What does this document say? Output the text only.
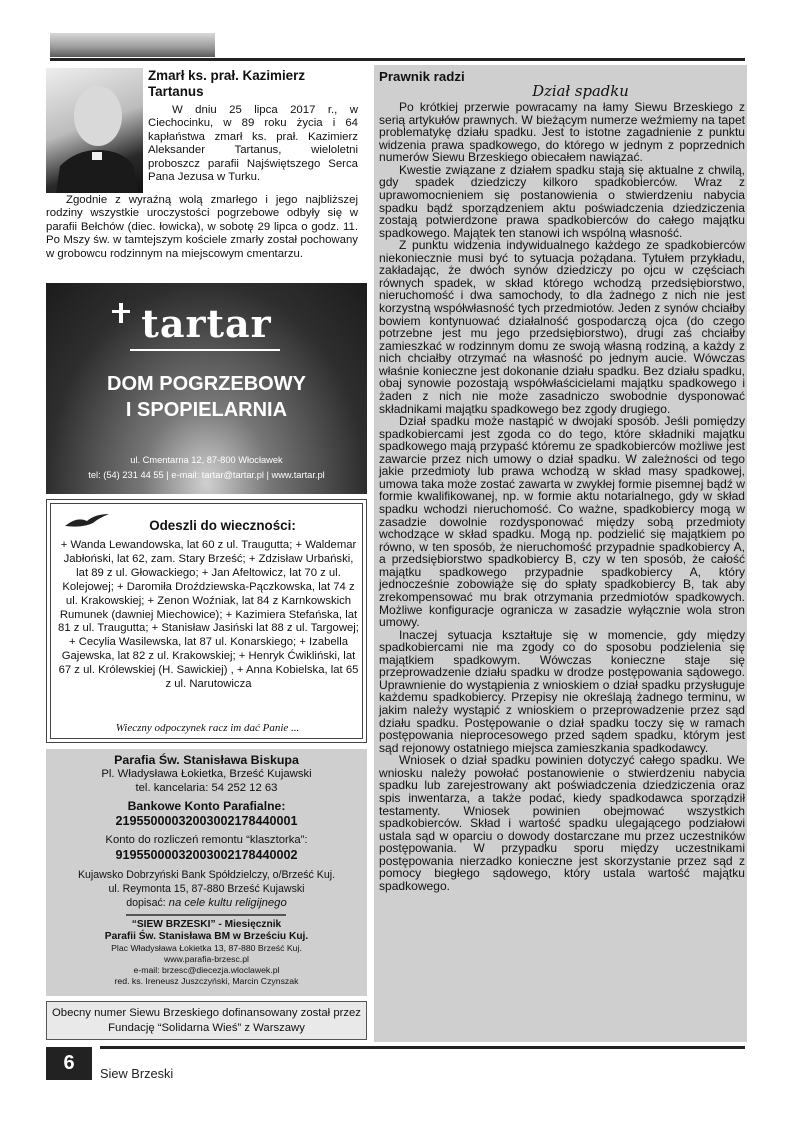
Zmarł ks. prał. Kazimierz Tartanus

W dniu 25 lipca 2017 r., w Ciechocinku, w 89 roku życia i 64 kapłaństwa zmarł ks. prał. Kazimierz Aleksander Tartanus, wieloletni proboszcz parafii Najświętszego Serca Pana Jezusa w Turku.

Zgodnie z wyraźną wolą zmarłego i jego najbliższej rodziny wszystkie uroczystości pogrzebowe odbyły się w parafii Bełchów (diec. łowicka), w sobotę 29 lipca o godz. 11. Po Mszy św. w tamtejszym kościele zmarły został pochowany w grobowcu rodzinnym na miejscowym cmentarzu.

tartar
DOM POGRZEBOWY
I SPOPIELARNIA
ul. Cmentarna 12, 87-800 Włocławek
tel: (54) 231 44 55 | e-mail: tartar@tartar.pl | www.tartar.pl
Odeszli do wieczności:
+ Wanda Lewandowska, lat 60 z ul. Traugutta; + Waldemar Jabłoński, lat 62, zam. Stary Brześć; + Zdzisław Urbański, lat 89 z ul. Głowackiego; + Jan Afeltowicz, lat 70 z ul. Kolejowej; + Daromiła Droździewska-Pączkowska, lat 74 z ul. Krakowskiej; + Zenon Woźniak, lat 84 z Karnkowskich Rumunek (dawniej Miechowice); + Kazimiera Stefańska, lat 81 z ul. Traugutta; + Stanisław Jasiński lat 88 z ul. Targowej; + Cecylia Wasilewska, lat 87 ul. Konarskiego; + Izabella Gajewska, lat 82 z ul. Krakowskiej; + Henryk Ćwikliński, lat 67 z ul. Królewskiej (H. Sawickiej) , + Anna Kobielska, lat 65 z ul. Narutowicza
Wieczny odpoczynek racz im dać Panie ...
Parafia Św. Stanisława Biskupa
Pl. Władysława Łokietka, Brześć Kujawski
tel. kancelaria: 54 252 12 63
Bankowe Konto Parafialne:
21955000032003002178440001
Konto do rozliczeń remontu “klasztorka”:
91955000032003002178440002
Kujawsko Dobrzyński Bank Spółdzielczy, o/Brześć Kuj.
ul. Reymonta 15, 87-880 Brześć Kujawski
dopisać: na cele kultu religijnego
“SIEW BRZESKI” - Miesięcznik
Parafii Św. Stanisława BM w Brześciu Kuj.
Plac Władysława Łokietka 13, 87-880 Brześć Kuj.
www.parafia-brzesc.pl
e-mail: brzesc@diecezja.wloclawek.pl
red. ks. Ireneusz Juszczyński, Marcin Czynszak
Obecny numer Siewu Brzeskiego dofinansowany został przez Fundację “Solidarna Wieś” z Warszawy
Prawnik radzi
Dział spadku

Po krótkiej przerwie powracamy na łamy Siewu Brzeskiego z serią artykułów prawnych. W bieżącym numerze weźmiemy na tapet problematykę działu spadku. Jest to istotne zagadnienie z punktu widzenia prawa spadkowego, do którego w jednym z poprzednich numerów Siewu Brzeskiego obiecałem nawiązać.

Kwestie związane z działem spadku stają się aktualne z chwilą, gdy spadek dziedziczy kilkoro spadkobierców. Wraz z uprawomocnieniem się postanowienia o stwierdzeniu nabycia spadku bądź sporządzeniem aktu poświadczenia dziedziczenia zostają potwierdzone prawa spadkobierców do całego majątku spadkowego. Majątek ten stanowi ich wspólną własność.

Z punktu widzenia indywidualnego każdego ze spadkobierców niekoniecznie musi być to sytuacja pożądana. Tytułem przykładu, zakładając, że dwóch synów dziedziczy po ojcu w częściach równych spadek, w skład którego wchodzą przedsiębiorstwo, nieruchomość i dwa samochody, to dla żadnego z nich nie jest korzystną współwłasność tych przedmiotów. Jeden z synów chciałby bowiem kontynuować działalność gospodarczą ojca (do czego potrzebne jest mu jego przedsiębiorstwo), drugi zaś chciałby zamieszkać w rodzinnym domu ze swoją własną rodziną, a każdy z nich chciałby otrzymać na własność po jednym aucie. Wówczas właśnie konieczne jest dokonanie działu spadku. Bez działu spadku, obaj synowie pozostają współwłaścicielami majątku spadkowego i żaden z nich nie może zasadniczo swobodnie dysponować składnikami majątku spadkowego bez zgody drugiego.

Dział spadku może nastąpić w dwojaki sposób. Jeśli pomiędzy spadkobiercami jest zgoda co do tego, które składniki majątku spadkowego mają przypaść któremu ze spadkobierców możliwe jest zawarcie przez nich umowy o dział spadku. W zależności od tego jakie przedmioty lub prawa wchodzą w skład masy spadkowej, umowa taka może zostać zawarta w zwykłej formie pisemnej bądź w formie kwalifikowanej, np. w formie aktu notarialnego, gdy w skład spadku wchodzi nieruchomość. Co ważne, spadkobiercy mogą w zasadzie dowolnie rozdysponować między sobą przedmioty wchodzące w skład spadku. Mogą np. podzielić się majątkiem po równo, w ten sposób, że nieruchomość przypadnie spadkobiercy A, a przedsiębiorstwo spadkobiercy B, czy w ten sposób, że całość majątku spadkowego przypadnie spadkobiercy A, który jednocześnie zobowiąże się do spłaty spadkobiercy B, tak aby zrekompensować mu brak otrzymania przedmiotów spadkowych. Możliwe konfiguracje ogranicza w zasadzie wyłącznie wola stron umowy.

Inaczej sytuacja kształtuje się w momencie, gdy między spadkobiercami nie ma zgody co do sposobu podzielenia się majątkiem spadkowym. Wówczas konieczne staje się przeprowadzenie działu spadku w drodze postępowania sądowego. Uprawnienie do wystąpienia z wnioskiem o dział spadku przysługuje każdemu spadkobiercy. Przepisy nie określają żadnego terminu, w jakim należy wystąpić z wnioskiem o przeprowadzenie przez sąd działu spadku. Postępowanie o dział spadku toczy się w ramach postępowania nieprocesowego przed sądem spadku, którym jest sąd rejonowy ostatniego miejsca zamieszkania spadkodawcy.

Wniosek o dział spadku powinien dotyczyć całego spadku. We wniosku należy powołać postanowienie o stwierdzeniu nabycia spadku lub zarejestrowany akt poświadczenia dziedziczenia oraz spis inwentarza, a także podać, kiedy spadkodawca sporządził testamenty. Wniosek powinien obejmować wszystkich spadkobierców. Skład i wartość spadku ulegającego podziałowi ustala sąd w oparciu o dowody dostarczane mu przez uczestników postępowania. W przypadku sporu między uczestnikami postępowania nierzadko konieczne jest skorzystanie przez sąd z pomocy biegłego sądowego, który ustala wartość majątku spadkowego.

6	Siew Brzeski
